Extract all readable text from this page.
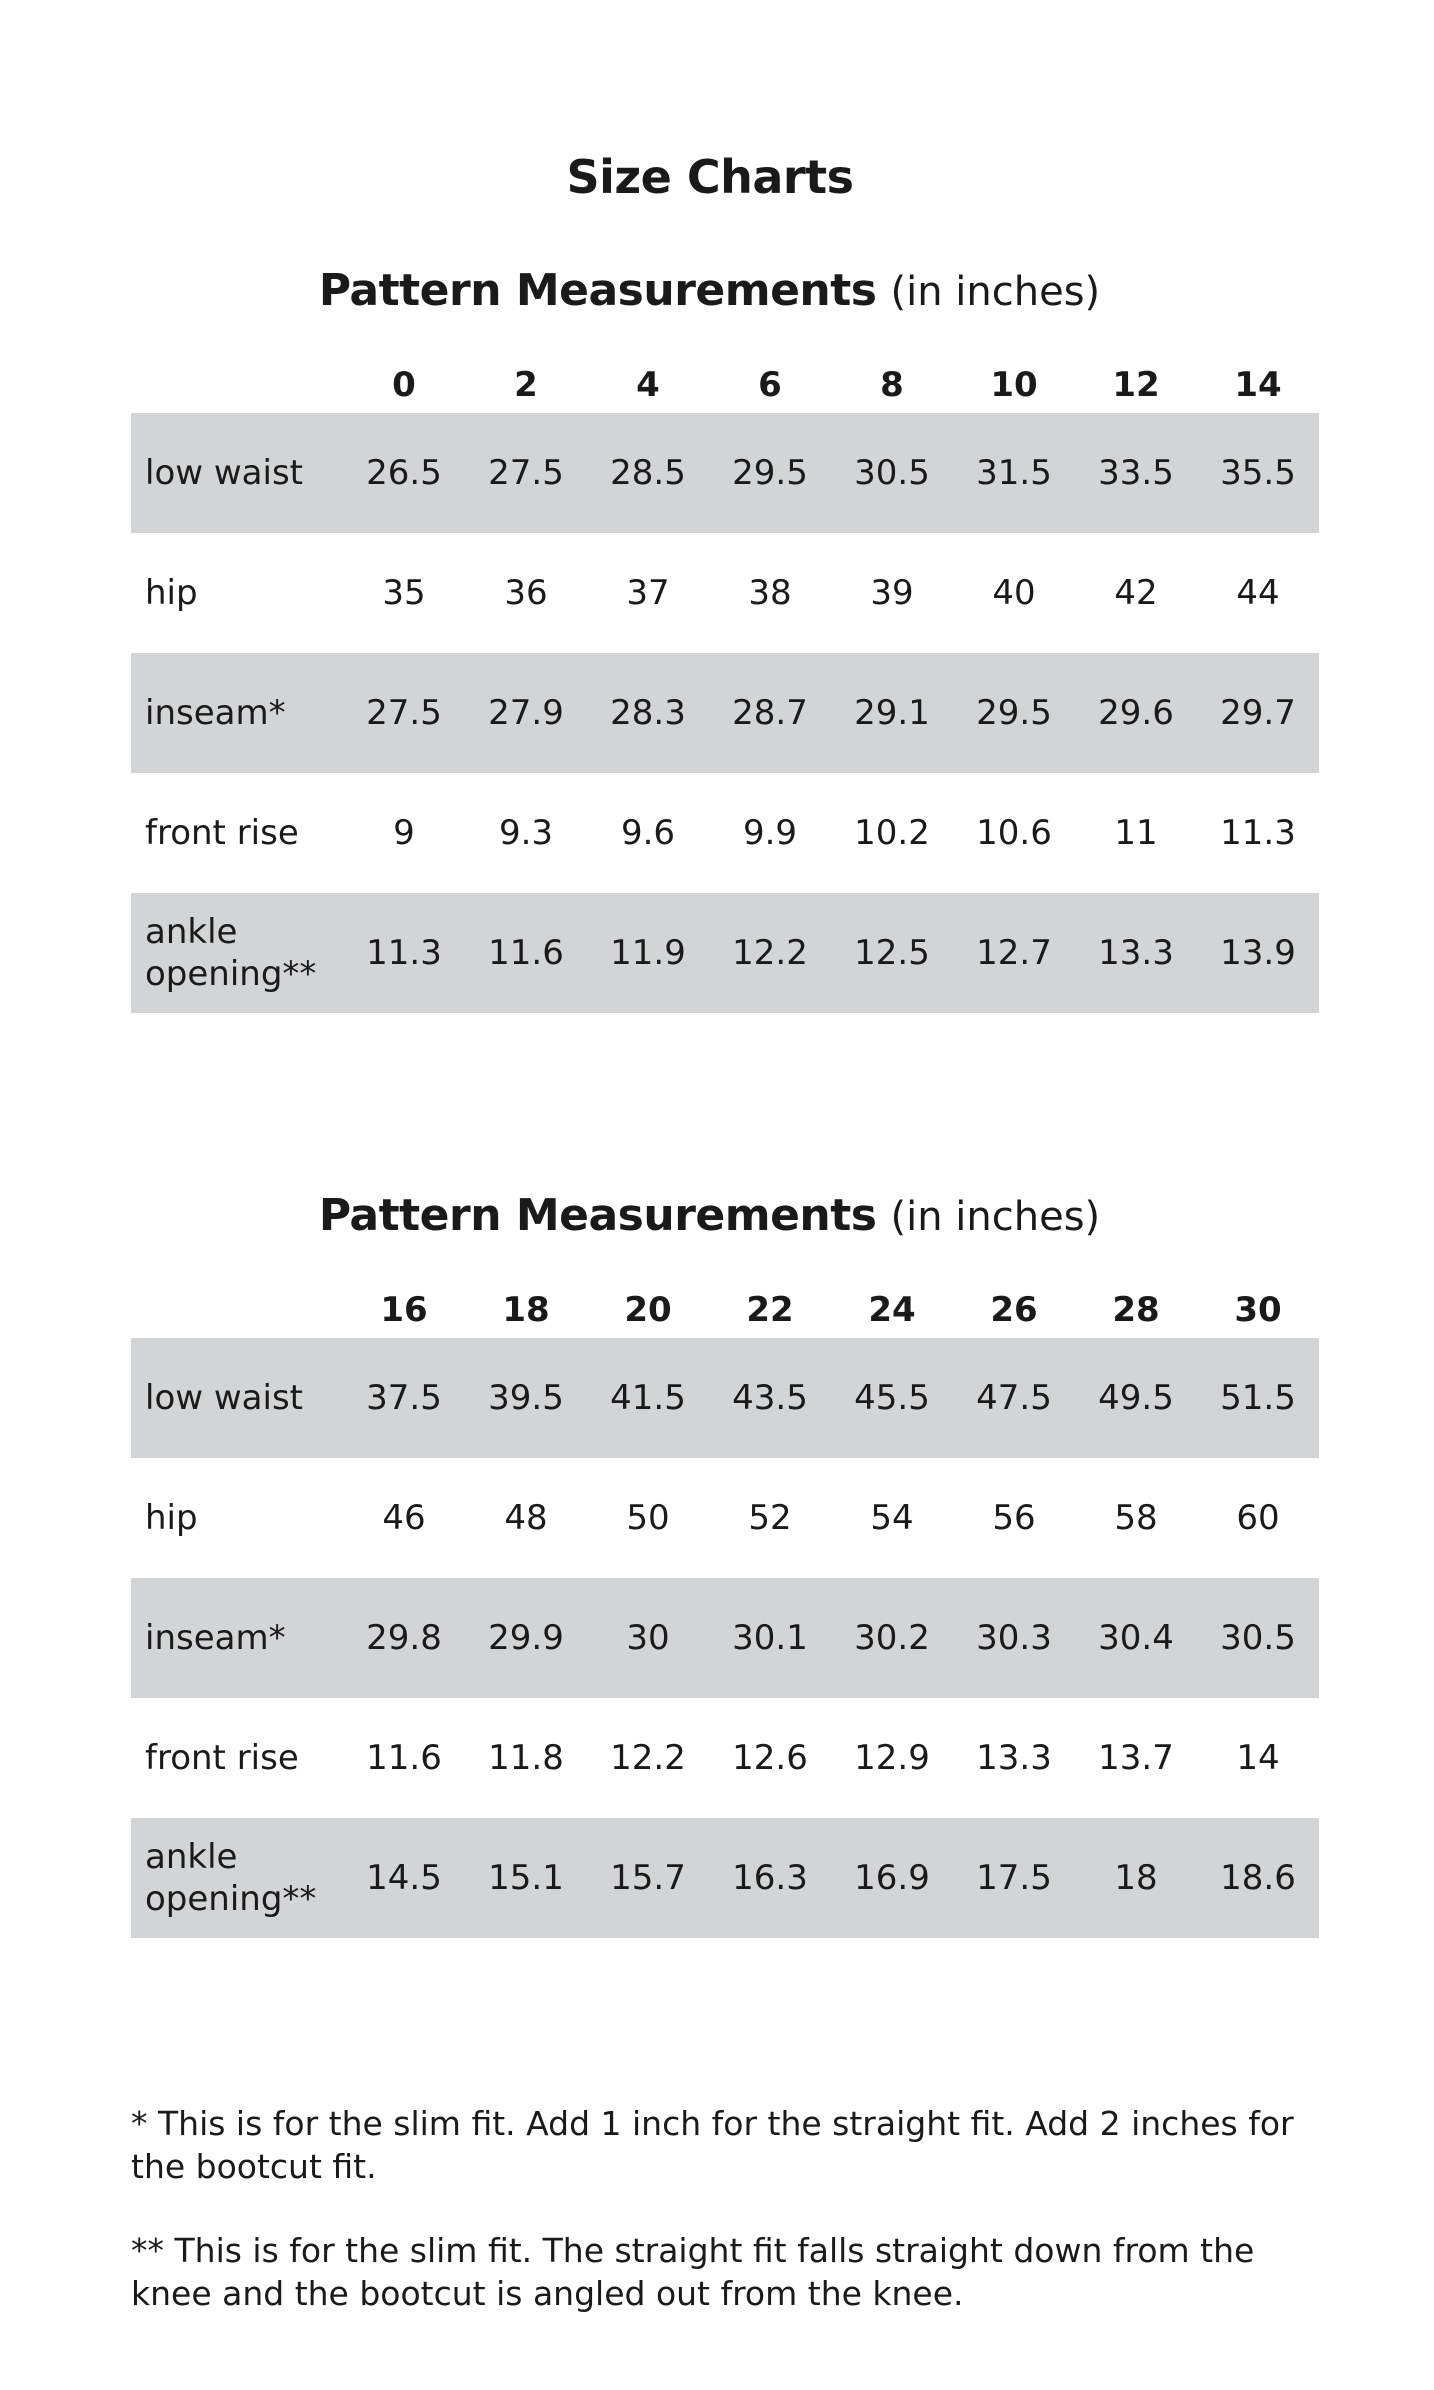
Size Charts
Pattern Measurements (in inches)
	0	2	4	6	8	10	12	14
low waist	26.5	27.5	28.5	29.5	30.5	31.5	33.5	35.5
hip	35	36	37	38	39	40	42	44
inseam*	27.5	27.9	28.3	28.7	29.1	29.5	29.6	29.7
front rise	9	9.3	9.6	9.9	10.2	10.6	11	11.3
ankle opening**	11.3	11.6	11.9	12.2	12.5	12.7	13.3	13.9
Pattern Measurements (in inches)
	16	18	20	22	24	26	28	30
low waist	37.5	39.5	41.5	43.5	45.5	47.5	49.5	51.5
hip	46	48	50	52	54	56	58	60
inseam*	29.8	29.9	30	30.1	30.2	30.3	30.4	30.5
front rise	11.6	11.8	12.2	12.6	12.9	13.3	13.7	14
ankle opening**	14.5	15.1	15.7	16.3	16.9	17.5	18	18.6

* This is for the slim fit. Add 1 inch for the straight fit. Add 2 inches for the bootcut fit.

** This is for the slim fit. The straight fit falls straight down from the knee and the bootcut is angled out from the knee.
